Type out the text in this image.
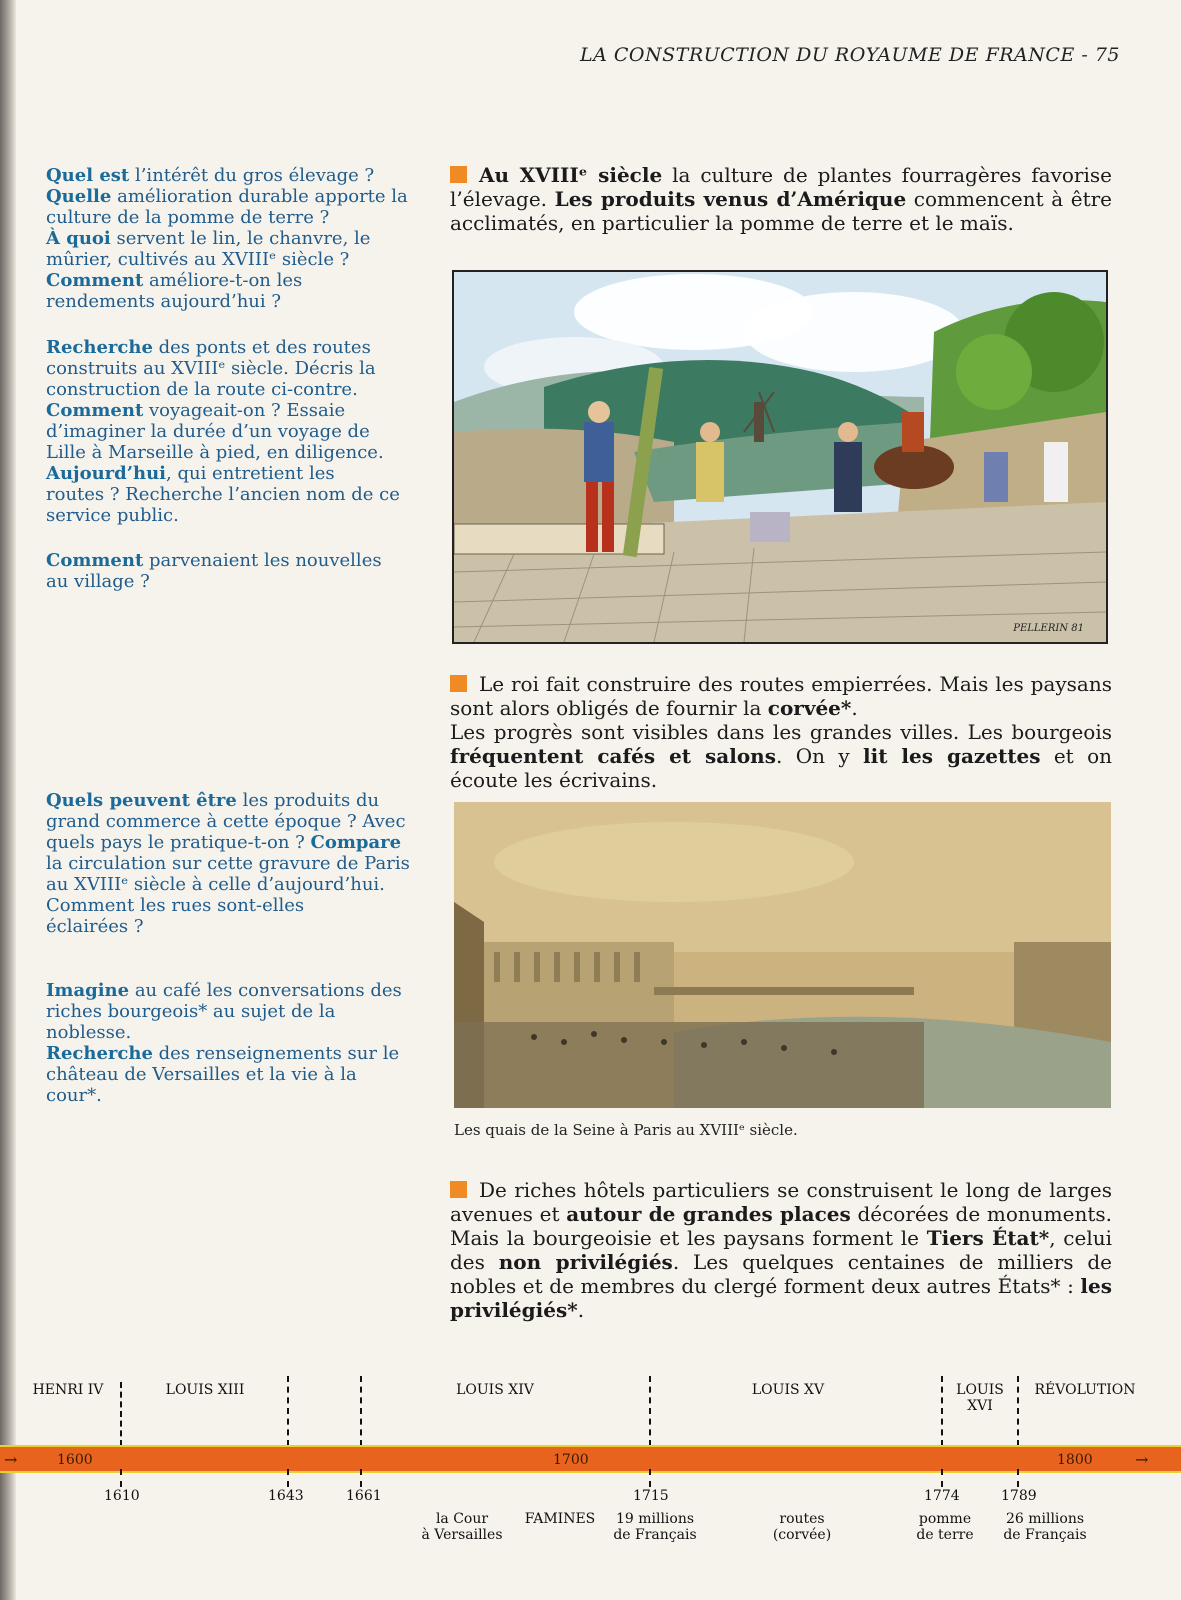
LA CONSTRUCTION DU ROYAUME DE FRANCE - 75
Quel est l’intérêt du gros élevage ?
Quelle amélioration durable apporte la
culture de la pomme de terre ?
À quoi servent le lin, le chanvre, le
mûrier, cultivés au XVIIIᵉ siècle ?
Comment améliore-t-on les
rendements aujourd’hui ?
Recherche des ponts et des routes
construits au XVIIIᵉ siècle. Décris la
construction de la route ci-contre.
Comment voyageait-on ? Essaie
d’imaginer la durée d’un voyage de
Lille à Marseille à pied, en diligence.
Aujourd’hui, qui entretient les
routes ? Recherche l’ancien nom de ce
service public.
Comment parvenaient les nouvelles
au village ?
Quels peuvent être les produits du
grand commerce à cette époque ? Avec
quels pays le pratique-t-on ? Compare
la circulation sur cette gravure de Paris
au XVIIIᵉ siècle à celle d’aujourd’hui.
Comment les rues sont-elles
éclairées ?
Imagine au café les conversations des
riches bourgeois* au sujet de la
noblesse.
Recherche des renseignements sur le
château de Versailles et la vie à la
cour*.
Au XVIIIᵉ siècle la culture de plantes fourragères favorise l’élevage. Les produits venus d’Amérique commencent à être acclimatés, en particulier la pomme de terre et le maïs.
Le roi fait construire des routes empierrées. Mais les paysans sont alors obligés de fournir la corvée*.
Les progrès sont visibles dans les grandes villes. Les bourgeois fréquentent cafés et salons. On y lit les gazettes et on écoute les écrivains.
De riches hôtels particuliers se construisent le long de larges avenues et autour de grandes places décorées de monuments. Mais la bourgeoisie et les paysans forment le Tiers État*, celui des non privilégiés. Les quelques centaines de milliers de nobles et de membres du clergé forment deux autres États* : les privilégiés*.
PELLERIN 81
Les quais de la Seine à Paris au XVIIIᵉ siècle.
HENRI IV	LOUIS XIII	LOUIS XIV	LOUIS XV	LOUIS XVI
RÉVOLUTION
→	→
1600	1700	1800
1610	1643	1661	1715	1774	1789
la Cour
à Versailles
FAMINES	19 millions
de Français
routes
(corvée)
pomme
de terre
26 millions
de Français
